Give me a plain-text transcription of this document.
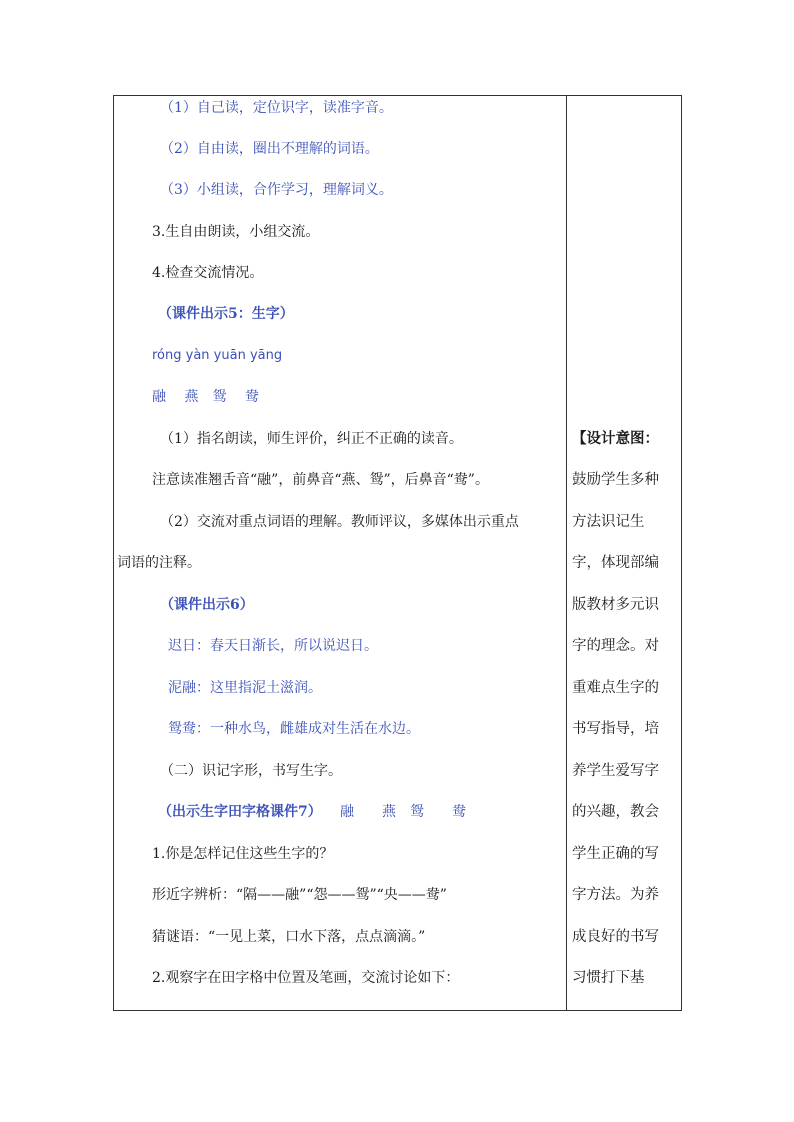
（1）自己读，定位识字，读准字音。
（2）自由读，圈出不理解的词语。
（3）小组读，合作学习，理解词义。
3.生自由朗读，小组交流。
4.检查交流情况。
（课件出示5：生字）
róng yàn yuān yāng
融　 燕　鸳　 鸯
（1）指名朗读，师生评价，纠正不正确的读音。
注意读准翘舌音“融”，前鼻音“燕、鸳”，后鼻音“鸯”。
（2）交流对重点词语的理解。教师评议，多媒体出示重点
词语的注释。
（课件出示6）
迟日：春天日渐长，所以说迟日。
泥融：这里指泥土滋润。
鸳鸯：一种水鸟，雌雄成对生活在水边。
（二）识记字形，书写生字。
（出示生字田字格课件7） 融　　燕　鸳　　鸯
1.你是怎样记住这些生字的？
形近字辨析：“隔——融”“怨——鸳”“央——鸯”
猜谜语：“一见上菜，口水下落，点点滴滴。”
2.观察字在田字格中位置及笔画，交流讨论如下：
【设计意图：
鼓励学生多种
方法识记生
字，体现部编
版教材多元识
字的理念。对
重难点生字的
书写指导，培
养学生爱写字
的兴趣，教会
学生正确的写
字方法。为养
成良好的书写
习惯打下基
